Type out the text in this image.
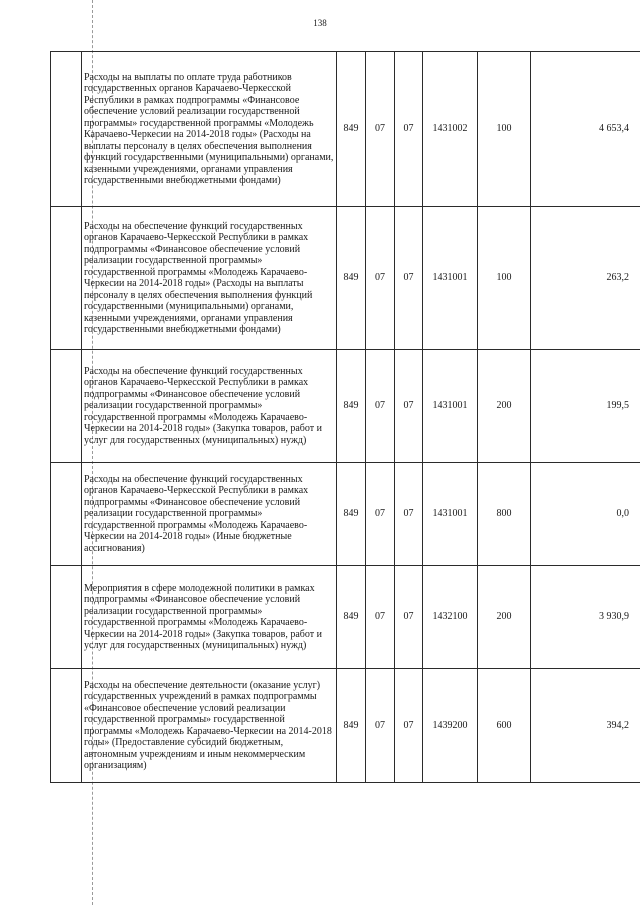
138
	Расходы на выплаты по оплате труда работников государственных органов Карачаево-Черкесской Республики в рамках подпрограммы «Финансовое обеспечение условий реализации государственной программы» государственной программы «Молодежь Карачаево-Черкесии на 2014-2018 годы» (Расходы на выплаты персоналу в целях обеспечения выполнения функций государственными (муниципальными) органами, казенными учреждениями, органами управления государственными внебюджетными фондами)	849	07	07	1431002	100	4 653,4
	Расходы на обеспечение функций государственных органов Карачаево-Черкесской Республики в рамках подпрограммы «Финансовое обеспечение условий реализации государственной программы» государственной программы «Молодежь Карачаево-Черкесии на 2014-2018 годы» (Расходы на выплаты персоналу в целях обеспечения выполнения функций государственными (муниципальными) органами, казенными учреждениями, органами управления государственными внебюджетными фондами)	849	07	07	1431001	100	263,2
	Расходы на обеспечение функций государственных органов Карачаево-Черкесской Республики в рамках подпрограммы «Финансовое обеспечение условий реализации государственной программы» государственной программы «Молодежь Карачаево-Черкесии на 2014-2018 годы» (Закупка товаров, работ и услуг для государственных (муниципальных) нужд)	849	07	07	1431001	200	199,5
	Расходы на обеспечение функций государственных органов Карачаево-Черкесской Республики в рамках подпрограммы «Финансовое обеспечение условий реализации государственной программы» государственной программы «Молодежь Карачаево-Черкесии на 2014-2018 годы» (Иные бюджетные ассигнования)	849	07	07	1431001	800	0,0
	Мероприятия в сфере молодежной политики в рамках подпрограммы «Финансовое обеспечение условий реализации государственной программы» государственной программы «Молодежь Карачаево-Черкесии на 2014-2018 годы» (Закупка товаров, работ и услуг для государственных (муниципальных) нужд)	849	07	07	1432100	200	3 930,9
	Расходы на обеспечение деятельности (оказание услуг) государственных учреждений в рамках подпрограммы «Финансовое обеспечение условий реализации государственной программы» государственной программы «Молодежь Карачаево-Черкесии на 2014-2018 годы» (Предоставление субсидий бюджетным, автономным учреждениям и иным некоммерческим организациям)	849	07	07	1439200	600	394,2
